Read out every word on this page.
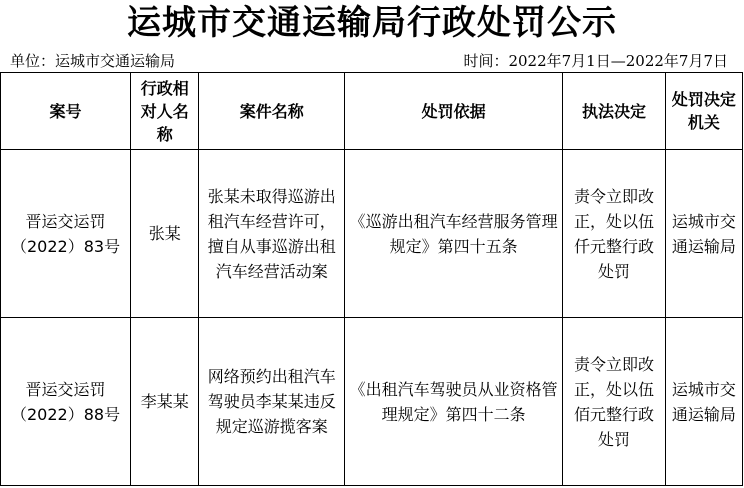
运城市交通运输局行政处罚公示
单位：运城市交通运输局	时间：2022年7月1日—2022年7月7日
案号	行政相对人名称	案件名称	处罚依据	执法决定	处罚决定机关
晋运交运罚（2022）83号	张某	张某未取得巡游出租汽车经营许可，擅自从事巡游出租汽车经营活动案	《巡游出租汽车经营服务管理规定》第四十五条	责令立即改正，处以伍仟元整行政处罚	运城市交通运输局
晋运交运罚（2022）88号	李某某	网络预约出租汽车驾驶员李某某违反规定巡游揽客案	《出租汽车驾驶员从业资格管理规定》第四十二条	责令立即改正，处以伍佰元整行政处罚	运城市交通运输局
